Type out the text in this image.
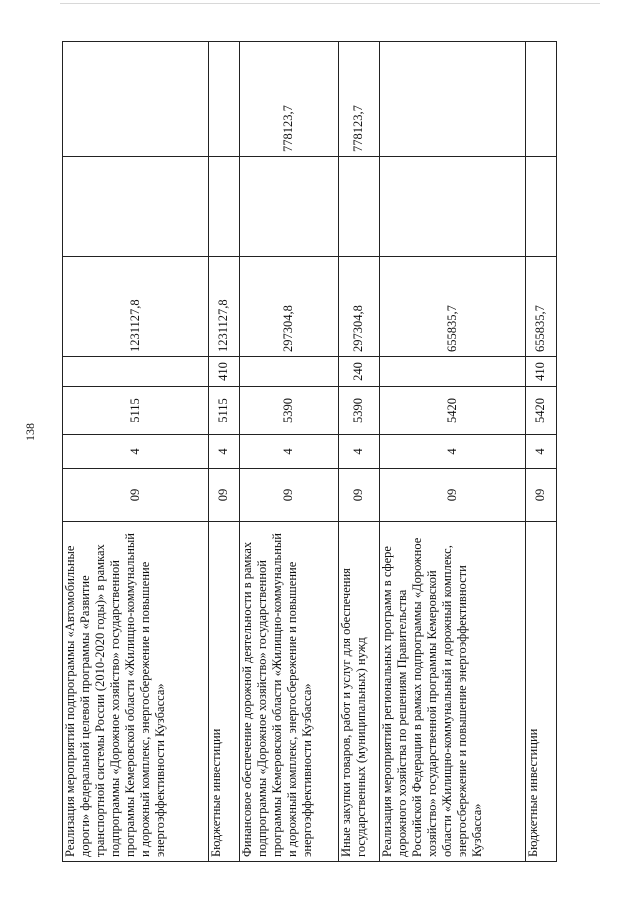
138
Реализация мероприятий подпрограммы «Автомобильные дороги» федеральной целевой программы «Развитие транспортной системы России (2010-2020 годы)» в рамках подпрограммы «Дорожное хозяйство» государственной программы Кемеровской области «Жилищно-коммунальный и дорожный комплекс, энергосбережение и повышение энергоэффективности Кузбасса»	09	4	5115		1231127,8		
Бюджетные инвестиции	09	4	5115	410	1231127,8		
Финансовое обеспечение дорожной деятельности в рамках подпрограммы «Дорожное хозяйство» государственной программы Кемеровской области «Жилищно-коммунальный и дорожный комплекс, энергосбережение и повышение энергоэффективности Кузбасса»	09	4	5390		297304,8		778123,7
Иные закупки товаров, работ и услуг для обеспечения государственных (муниципальных) нужд	09	4	5390	240	297304,8		778123,7
Реализация мероприятий региональных программ в сфере дорожного хозяйства по решениям Правительства Российской Федерации в рамках подпрограммы «Дорожное хозяйство» государственной программы Кемеровской области «Жилищно-коммунальный и дорожный комплекс, энергосбережение и повышение энергоэффективности Кузбасса»	09	4	5420		655835,7		
Бюджетные инвестиции	09	4	5420	410	655835,7		
